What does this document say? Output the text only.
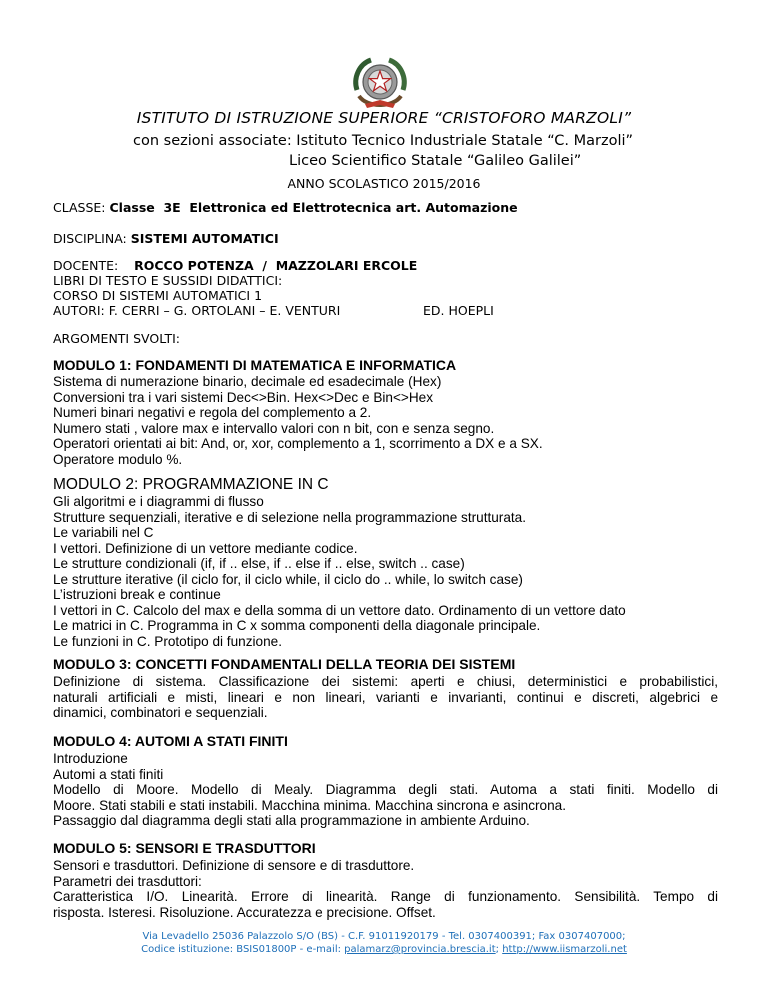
ISTITUTO DI ISTRUZIONE SUPERIORE “CRISTOFORO MARZOLI”
con sezioni associate: Istituto Tecnico Industriale Statale “C. Marzoli”
Liceo Scientifico Statale “Galileo Galilei”
ANNO SCOLASTICO 2015/2016
CLASSE: Classe  3E  Elettronica ed Elettrotecnica art. Automazione
DISCIPLINA: SISTEMI AUTOMATICI
DOCENTE: ROCCO POTENZA  /  MAZZOLARI ERCOLE
LIBRI DI TESTO E SUSSIDI DIDATTICI:
CORSO DI SISTEMI AUTOMATICI 1
AUTORI: F. CERRI – G. ORTOLANI – E. VENTURI	ED. HOEPLI
ARGOMENTI SVOLTI:
MODULO 1: FONDAMENTI DI MATEMATICA E INFORMATICA
Sistema di numerazione binario, decimale ed esadecimale (Hex)
Conversioni tra i vari sistemi Dec<>Bin. Hex<>Dec e Bin<>Hex
Numeri binari negativi e regola del complemento a 2.
Numero stati , valore max e intervallo valori con n bit, con e senza segno.
Operatori orientati ai bit: And, or, xor, complemento a 1, scorrimento a DX e a SX.
Operatore modulo %.
MODULO 2: PROGRAMMAZIONE IN C
Gli algoritmi e i diagrammi di flusso
Strutture sequenziali, iterative e di selezione nella programmazione strutturata.
Le variabili nel C
I vettori. Definizione di un vettore mediante codice.
Le strutture condizionali (if, if .. else, if .. else if .. else, switch .. case)
Le strutture iterative (il ciclo for, il ciclo while, il ciclo do .. while, lo switch case)
L’istruzioni break e continue
I vettori in C. Calcolo del max e della somma di un vettore dato. Ordinamento di un vettore dato
Le matrici in C. Programma in C x somma componenti della diagonale principale.
Le funzioni in C. Prototipo di funzione.
MODULO 3: CONCETTI FONDAMENTALI DELLA TEORIA DEI SISTEMI
Definizione di sistema. Classificazione dei sistemi: aperti e chiusi, deterministici e probabilistici,
naturali artificiali e misti, lineari e non lineari, varianti e invarianti, continui e discreti, algebrici e
dinamici, combinatori e sequenziali.
MODULO 4: AUTOMI A STATI FINITI
Introduzione
Automi a stati finiti
Modello di Moore. Modello di Mealy. Diagramma degli stati. Automa a stati finiti. Modello di
Moore. Stati stabili e stati instabili. Macchina minima. Macchina sincrona e asincrona.
Passaggio dal diagramma degli stati alla programmazione in ambiente Arduino.
MODULO 5: SENSORI E TRASDUTTORI
Sensori e trasduttori. Definizione di sensore e di trasduttore.
Parametri dei trasduttori:
Caratteristica I/O. Linearità. Errore di linearità. Range di funzionamento. Sensibilità. Tempo di
risposta. Isteresi. Risoluzione. Accuratezza e precisione. Offset.
Via Levadello 25036 Palazzolo S/O (BS) - C.F. 91011920179 - Tel. 0307400391; Fax 0307407000;
Codice istituzione: BSIS01800P - e-mail: palamarz@provincia.brescia.it; http://www.iismarzoli.net
